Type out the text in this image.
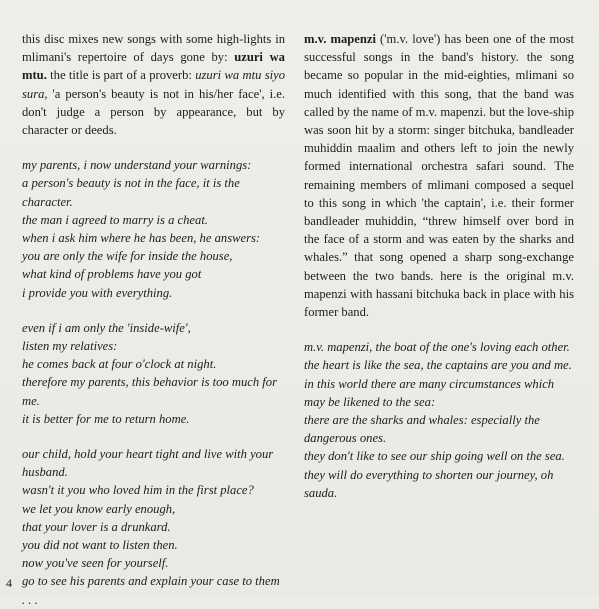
this disc mixes new songs with some high-lights in mlimani's repertoire of days gone by: uzuri wa mtu. the title is part of a proverb: uzuri wa mtu siyo sura, 'a person's beauty is not in his/her face', i.e. don't judge a person by appearance, but by character or deeds.

my parents, i now understand your warnings:
a person's beauty is not in the face, it is the character.
the man i agreed to marry is a cheat.
when i ask him where he has been, he answers:
you are only the wife for inside the house,
what kind of problems have you got
i provide you with everything.

even if i am only the 'inside-wife',
listen my relatives:
he comes back at four o'clock at night.
therefore my parents, this behavior is too much for me.
it is better for me to return home.

our child, hold your heart tight and live with your husband.
wasn't it you who loved him in the first place?
we let you know early enough,
that your lover is a drunkard.
you did not want to listen then.
now you've seen for yourself.
go to see his parents and explain your case to them . . .

m.v. mapenzi ('m.v. love') has been one of the most successful songs in the band's history. the song became so popular in the mid-eighties, mlimani so much identified with this song, that the band was called by the name of m.v. mapenzi. but the love-ship was soon hit by a storm: singer bitchuka, bandleader muhiddin maalim and others left to join the newly formed international orchestra safari sound. The remaining members of mlimani composed a sequel to this song in which 'the captain', i.e. their former bandleader muhiddin, “threw himself over bord in the face of a storm and was eaten by the sharks and whales.” that song opened a sharp song-exchange between the two bands. here is the original m.v. mapenzi with hassani bitchuka back in place with his former band.

m.v. mapenzi, the boat of the one's loving each other.
the heart is like the sea, the captains are you and me.
in this world there are many circumstances which may be likened to the sea:
there are the sharks and whales: especially the dangerous ones.
they don't like to see our ship going well on the sea.
they will do everything to shorten our journey, oh sauda.

4
